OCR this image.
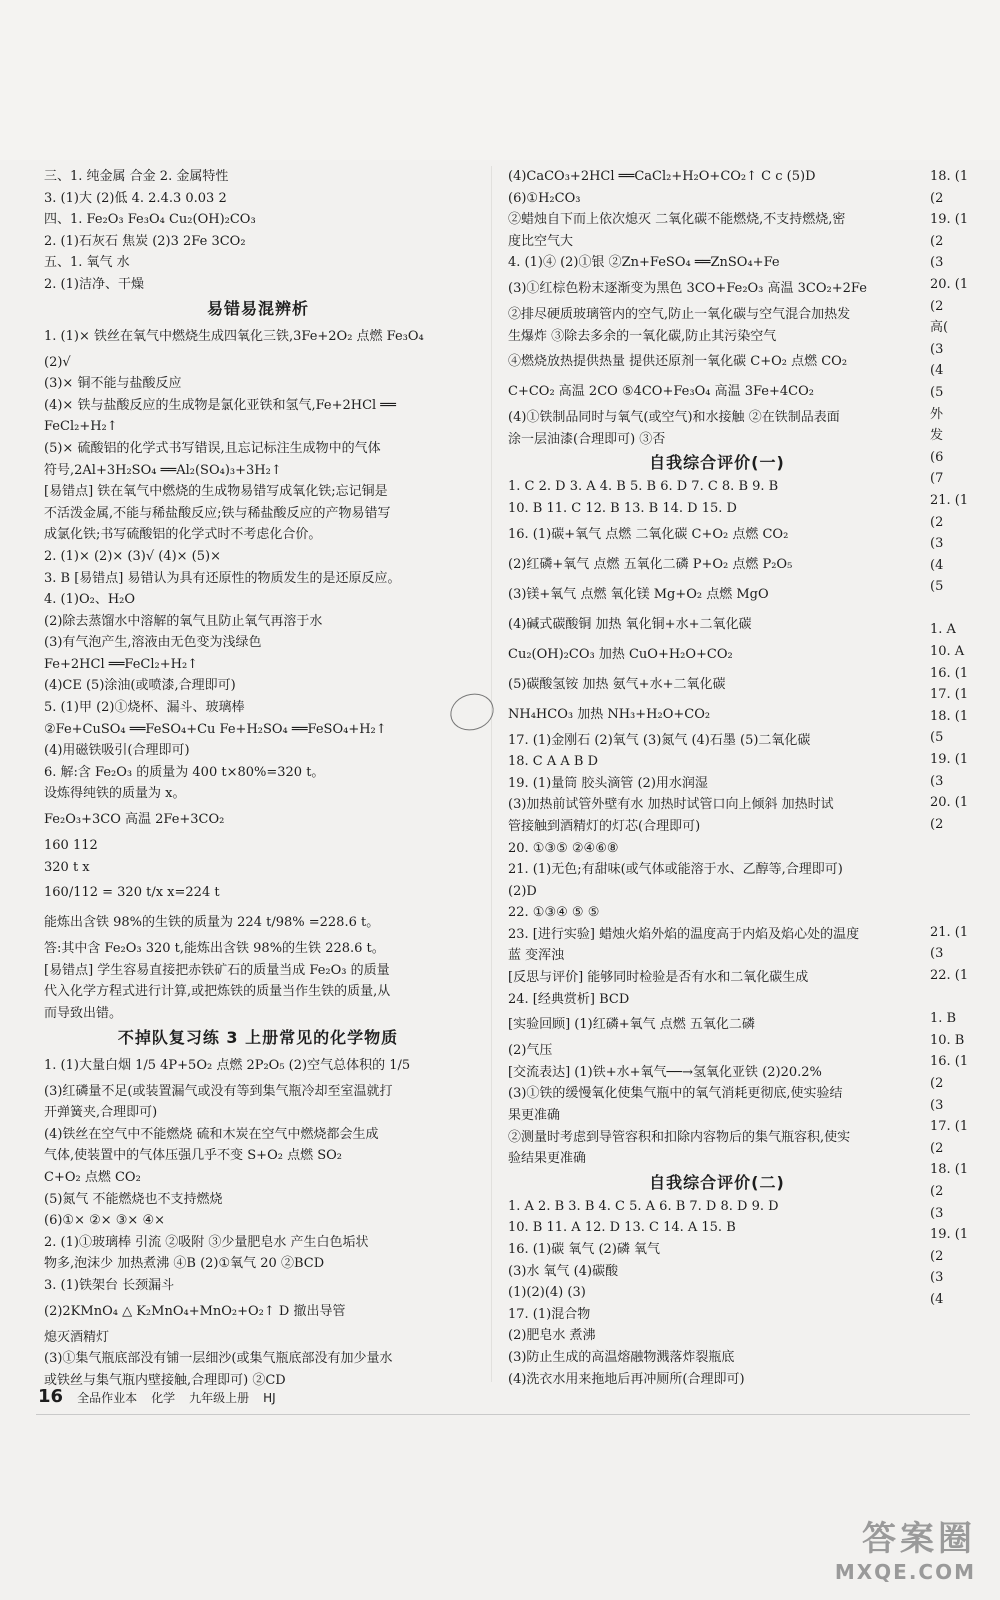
三、1. 纯金属 合金 2. 金属特性
3. (1)大 (2)低 4. 2.4.3 0.03 2
四、1. Fe₂O₃ Fe₃O₄ Cu₂(OH)₂CO₃
2. (1)石灰石 焦炭 (2)3 2Fe 3CO₂
五、1. 氧气 水
2. (1)洁净、干燥
易错易混辨析
1. (1)× 铁丝在氧气中燃烧生成四氧化三铁,3Fe+2O₂ 点燃 Fe₃O₄
(2)√
(3)× 铜不能与盐酸反应
(4)× 铁与盐酸反应的生成物是氯化亚铁和氢气,Fe+2HCl ══
FeCl₂+H₂↑
(5)× 硫酸铝的化学式书写错误,且忘记标注生成物中的气体
符号,2Al+3H₂SO₄ ══Al₂(SO₄)₃+3H₂↑
[易错点] 铁在氧气中燃烧的生成物易错写成氧化铁;忘记铜是
不活泼金属,不能与稀盐酸反应;铁与稀盐酸反应的产物易错写
成氯化铁;书写硫酸铝的化学式时不考虑化合价。
2. (1)× (2)× (3)√ (4)× (5)×
3. B [易错点] 易错认为具有还原性的物质发生的是还原反应。
4. (1)O₂、H₂O
(2)除去蒸馏水中溶解的氧气且防止氧气再溶于水
(3)有气泡产生,溶液由无色变为浅绿色
Fe+2HCl ══FeCl₂+H₂↑
(4)CE (5)涂油(或喷漆,合理即可)
5. (1)甲 (2)①烧杯、漏斗、玻璃棒
②Fe+CuSO₄ ══FeSO₄+Cu Fe+H₂SO₄ ══FeSO₄+H₂↑
(4)用磁铁吸引(合理即可)
6. 解:含 Fe₂O₃ 的质量为 400 t×80%=320 t。
设炼得纯铁的质量为 x。
Fe₂O₃+3CO 高温 2Fe+3CO₂
160 112
320 t x
160/112 = 320 t/x x=224 t
能炼出含铁 98%的生铁的质量为 224 t/98% =228.6 t。
答:其中含 Fe₂O₃ 320 t,能炼出含铁 98%的生铁 228.6 t。
[易错点] 学生容易直接把赤铁矿石的质量当成 Fe₂O₃ 的质量
代入化学方程式进行计算,或把炼铁的质量当作生铁的质量,从
而导致出错。
不掉队复习练 3 上册常见的化学物质
1. (1)大量白烟 1/5 4P+5O₂ 点燃 2P₂O₅ (2)空气总体积的 1/5
(3)红磷量不足(或装置漏气或没有等到集气瓶冷却至室温就打
开弹簧夹,合理即可)
(4)铁丝在空气中不能燃烧 硫和木炭在空气中燃烧都会生成
气体,使装置中的气体压强几乎不变 S+O₂ 点燃 SO₂
C+O₂ 点燃 CO₂
(5)氮气 不能燃烧也不支持燃烧
(6)①× ②× ③× ④×
2. (1)①玻璃棒 引流 ②吸附 ③少量肥皂水 产生白色垢状
物多,泡沫少 加热煮沸 ④B (2)①氧气 20 ②BCD
3. (1)铁架台 长颈漏斗
(2)2KMnO₄ △ K₂MnO₄+MnO₂+O₂↑ D 撤出导管
熄灭酒精灯
(3)①集气瓶底部没有铺一层细沙(或集气瓶底部没有加少量水
或铁丝与集气瓶内壁接触,合理即可) ②CD
(4)CaCO₃+2HCl ══CaCl₂+H₂O+CO₂↑ C c (5)D
(6)①H₂CO₃
②蜡烛自下而上依次熄灭 二氧化碳不能燃烧,不支持燃烧,密
度比空气大
4. (1)④ (2)①银 ②Zn+FeSO₄ ══ZnSO₄+Fe
(3)①红棕色粉末逐渐变为黑色 3CO+Fe₂O₃ 高温 3CO₂+2Fe
②排尽硬质玻璃管内的空气,防止一氧化碳与空气混合加热发
生爆炸 ③除去多余的一氧化碳,防止其污染空气
④燃烧放热提供热量 提供还原剂一氧化碳 C+O₂ 点燃 CO₂
C+CO₂ 高温 2CO ⑤4CO+Fe₃O₄ 高温 3Fe+4CO₂
(4)①铁制品同时与氧气(或空气)和水接触 ②在铁制品表面
涂一层油漆(合理即可) ③否
自我综合评价(一)
1. C 2. D 3. A 4. B 5. B 6. D 7. C 8. B 9. B
10. B 11. C 12. B 13. B 14. D 15. D
16. (1)碳+氧气 点燃 二氧化碳 C+O₂ 点燃 CO₂
(2)红磷+氧气 点燃 五氧化二磷 P+O₂ 点燃 P₂O₅
(3)镁+氧气 点燃 氧化镁 Mg+O₂ 点燃 MgO
(4)碱式碳酸铜 加热 氧化铜+水+二氧化碳
Cu₂(OH)₂CO₃ 加热 CuO+H₂O+CO₂
(5)碳酸氢铵 加热 氨气+水+二氧化碳
NH₄HCO₃ 加热 NH₃+H₂O+CO₂
17. (1)金刚石 (2)氧气 (3)氮气 (4)石墨 (5)二氧化碳
18. C A A B D
19. (1)量筒 胶头滴管 (2)用水润湿
(3)加热前试管外壁有水 加热时试管口向上倾斜 加热时试
管接触到酒精灯的灯芯(合理即可)
20. ①③⑤ ②④⑥⑧
21. (1)无色;有甜味(或气体或能溶于水、乙醇等,合理即可)
(2)D
22. ①③④ ⑤ ⑤
23. [进行实验] 蜡烛火焰外焰的温度高于内焰及焰心处的温度
蓝 变浑浊
[反思与评价] 能够同时检验是否有水和二氧化碳生成
24. [经典赏析] BCD
[实验回顾] (1)红磷+氧气 点燃 五氧化二磷
(2)气压
[交流表达] (1)铁+水+氧气──→氢氧化亚铁 (2)20.2%
(3)①铁的缓慢氧化使集气瓶中的氧气消耗更彻底,使实验结
果更准确
②测量时考虑到导管容积和扣除内容物后的集气瓶容积,使实
验结果更准确
自我综合评价(二)
1. A 2. B 3. B 4. C 5. A 6. B 7. D 8. D 9. D
10. B 11. A 12. D 13. C 14. A 15. B
16. (1)碳 氧气 (2)磷 氧气
(3)水 氧气 (4)碳酸
(1)(2)(4) (3)
17. (1)混合物
(2)肥皂水 煮沸
(3)防止生成的高温熔融物溅落炸裂瓶底
(4)洗衣水用来拖地后再冲厕所(合理即可)
18. (1
(2
19. (1
(2
(3
20. (1
(2
高(
(3
(4
(5
外
发
(6
(7
21. (1
(2
(3
(4
(5

1. A
10. A
16. (1
17. (1
18. (1
(5
19. (1
(3
20. (1
(2

21. (1
(3
22. (1

1. B
10. B
16. (1
(2
(3
17. (1
(2
18. (1
(2
(3
19. (1
(2
(3
(4
16 全品作业本 化学 九年级上册 HJ
答案圈
MXQE.COM
